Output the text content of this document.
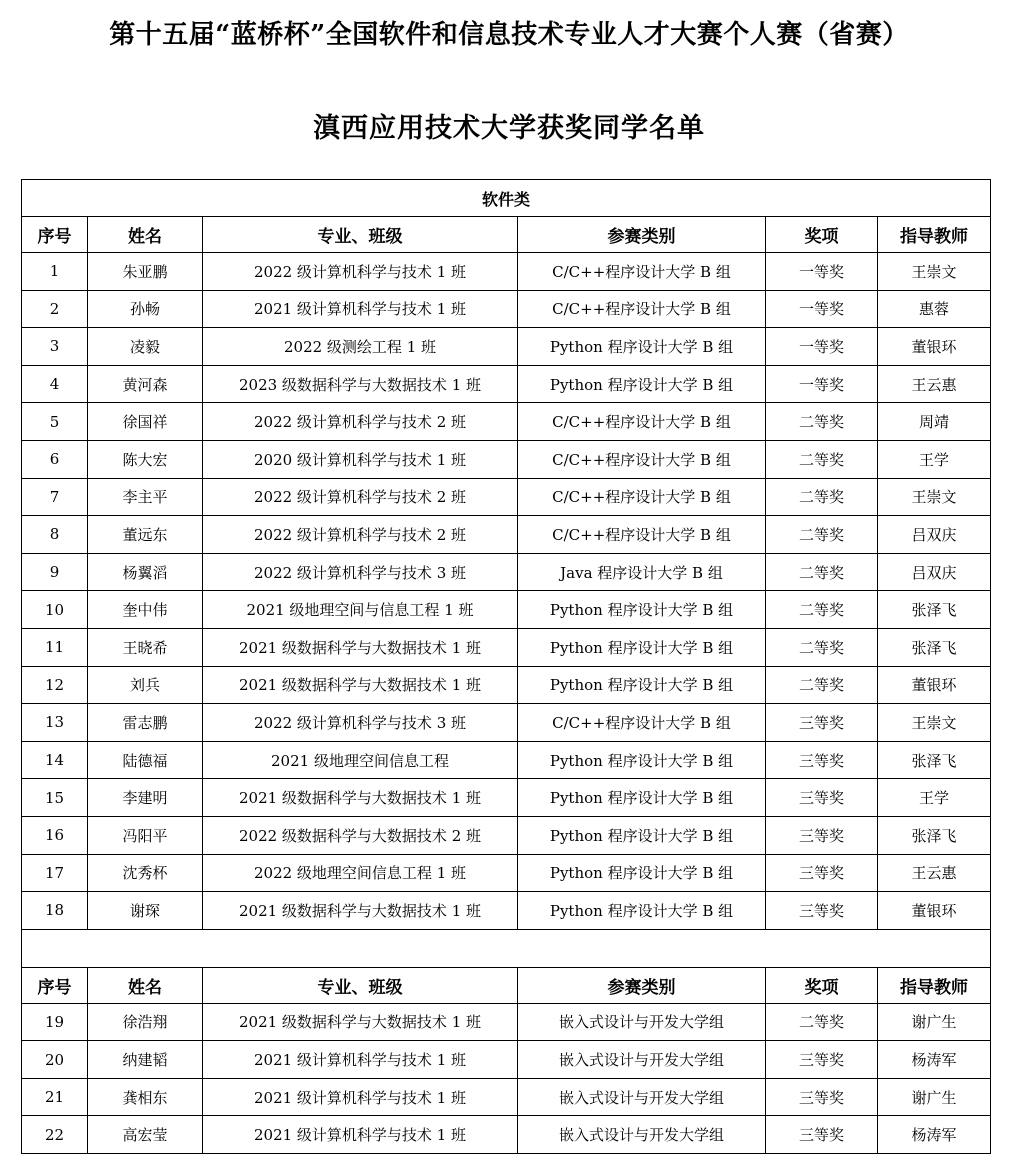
第十五届“蓝桥杯”全国软件和信息技术专业人才大赛个人赛（省赛）
滇西应用技术大学获奖同学名单
软件类					
序号	姓名	专业、班级	参赛类别	奖项	指导教师
1	朱亚鹏	2022 级计算机科学与技术 1 班	C/C++程序设计大学 B 组	一等奖	王崇文
2	孙畅	2021 级计算机科学与技术 1 班	C/C++程序设计大学 B 组	一等奖	惠蓉
3	凌毅	2022 级测绘工程 1 班	Python 程序设计大学 B 组	一等奖	董银环
4	黄河森	2023 级数据科学与大数据技术 1 班	Python 程序设计大学 B 组	一等奖	王云惠
5	徐国祥	2022 级计算机科学与技术 2 班	C/C++程序设计大学 B 组	二等奖	周靖
6	陈大宏	2020 级计算机科学与技术 1 班	C/C++程序设计大学 B 组	二等奖	王学
7	李主平	2022 级计算机科学与技术 2 班	C/C++程序设计大学 B 组	二等奖	王崇文
8	董远东	2022 级计算机科学与技术 2 班	C/C++程序设计大学 B 组	二等奖	吕双庆
9	杨翼滔	2022 级计算机科学与技术 3 班	Java 程序设计大学 B 组	二等奖	吕双庆
10	奎中伟	2021 级地理空间与信息工程 1 班	Python 程序设计大学 B 组	二等奖	张泽飞
11	王晓希	2021 级数据科学与大数据技术 1 班	Python 程序设计大学 B 组	二等奖	张泽飞
12	刘兵	2021 级数据科学与大数据技术 1 班	Python 程序设计大学 B 组	二等奖	董银环
13	雷志鹏	2022 级计算机科学与技术 3 班	C/C++程序设计大学 B 组	三等奖	王崇文
14	陆德福	2021 级地理空间信息工程	Python 程序设计大学 B 组	三等奖	张泽飞
15	李建明	2021 级数据科学与大数据技术 1 班	Python 程序设计大学 B 组	三等奖	王学
16	冯阳平	2022 级数据科学与大数据技术 2 班	Python 程序设计大学 B 组	三等奖	张泽飞
17	沈秀杯	2022 级地理空间信息工程 1 班	Python 程序设计大学 B 组	三等奖	王云惠
18	谢琛	2021 级数据科学与大数据技术 1 班	Python 程序设计大学 B 组	三等奖	董银环

序号	姓名	专业、班级	参赛类别	奖项	指导教师
19	徐浩翔	2021 级数据科学与大数据技术 1 班	嵌入式设计与开发大学组	二等奖	谢广生
20	纳建韬	2021 级计算机科学与技术 1 班	嵌入式设计与开发大学组	三等奖	杨涛军
21	龚相东	2021 级计算机科学与技术 1 班	嵌入式设计与开发大学组	三等奖	谢广生
22	高宏莹	2021 级计算机科学与技术 1 班	嵌入式设计与开发大学组	三等奖	杨涛军
